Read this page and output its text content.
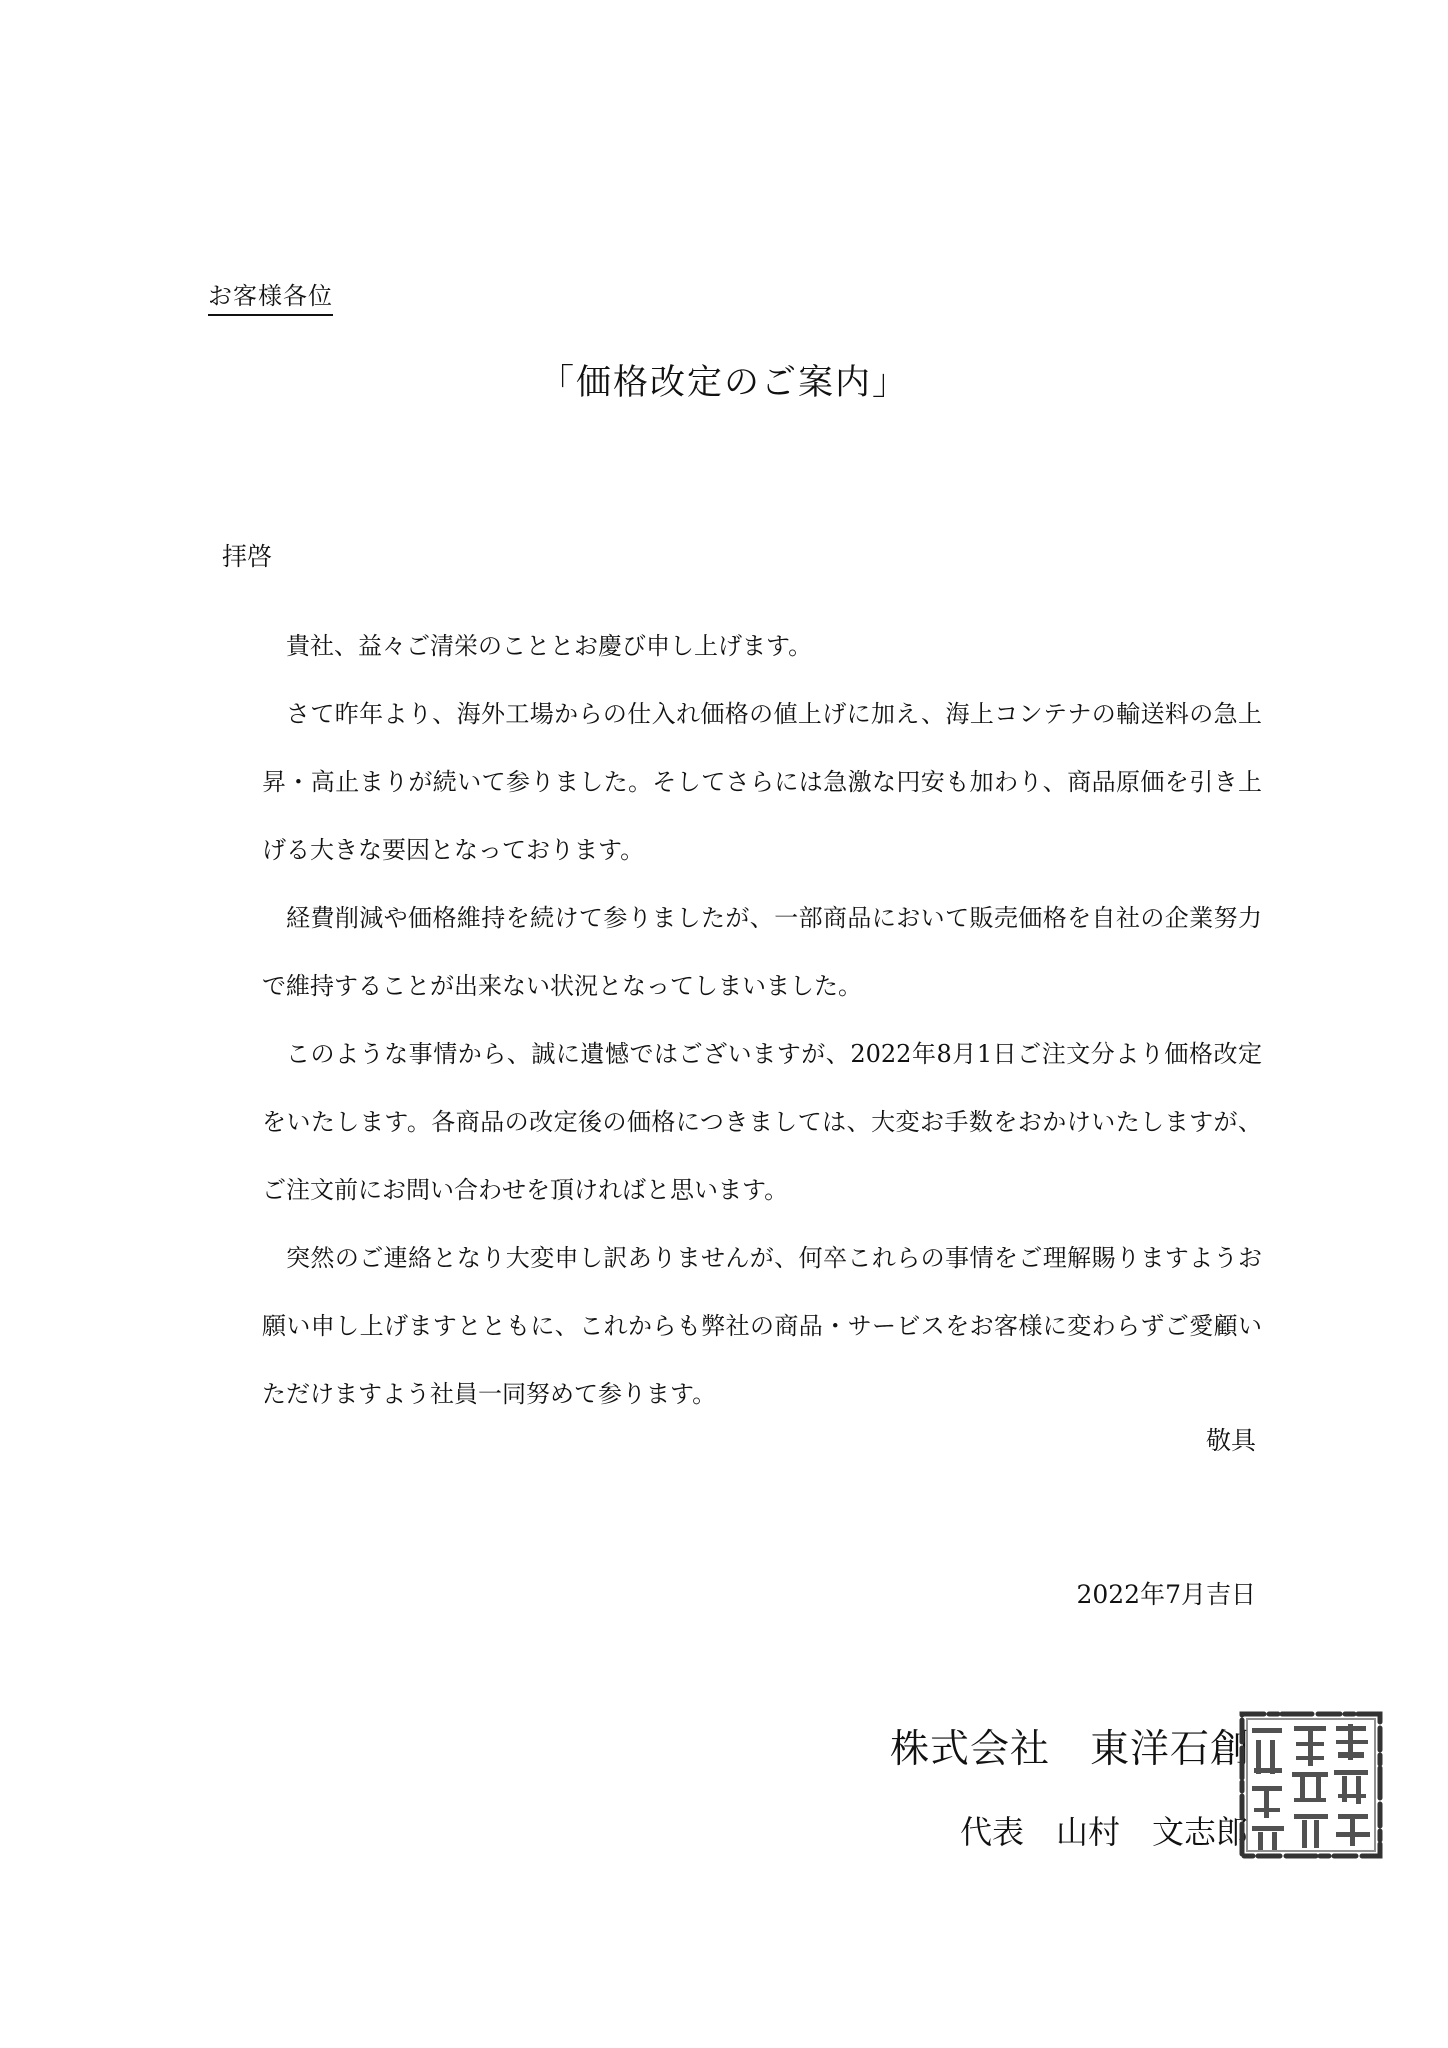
お客様各位
「価格改定のご案内」
拝啓

貴社、益々ご清栄のこととお慶び申し上げます。

さて昨年より、海外工場からの仕入れ価格の値上げに加え、海上コンテナの輸送料の急上昇・高止まりが続いて参りました。そしてさらには急激な円安も加わり、商品原価を引き上げる大きな要因となっております。

経費削減や価格維持を続けて参りましたが、一部商品において販売価格を自社の企業努力で維持することが出来ない状況となってしまいました。

このような事情から、誠に遺憾ではございますが、2022年8月1日ご注文分より価格改定をいたします。各商品の改定後の価格につきましては、大変お手数をおかけいたしますが、ご注文前にお問い合わせを頂ければと思います。

突然のご連絡となり大変申し訳ありませんが、何卒これらの事情をご理解賜りますようお願い申し上げますとともに、これからも弊社の商品・サービスをお客様に変わらずご愛顧いただけますよう社員一同努めて参ります。

敬具
2022年7月吉日
株式会社　東洋石創
代表　山村　文志郎
